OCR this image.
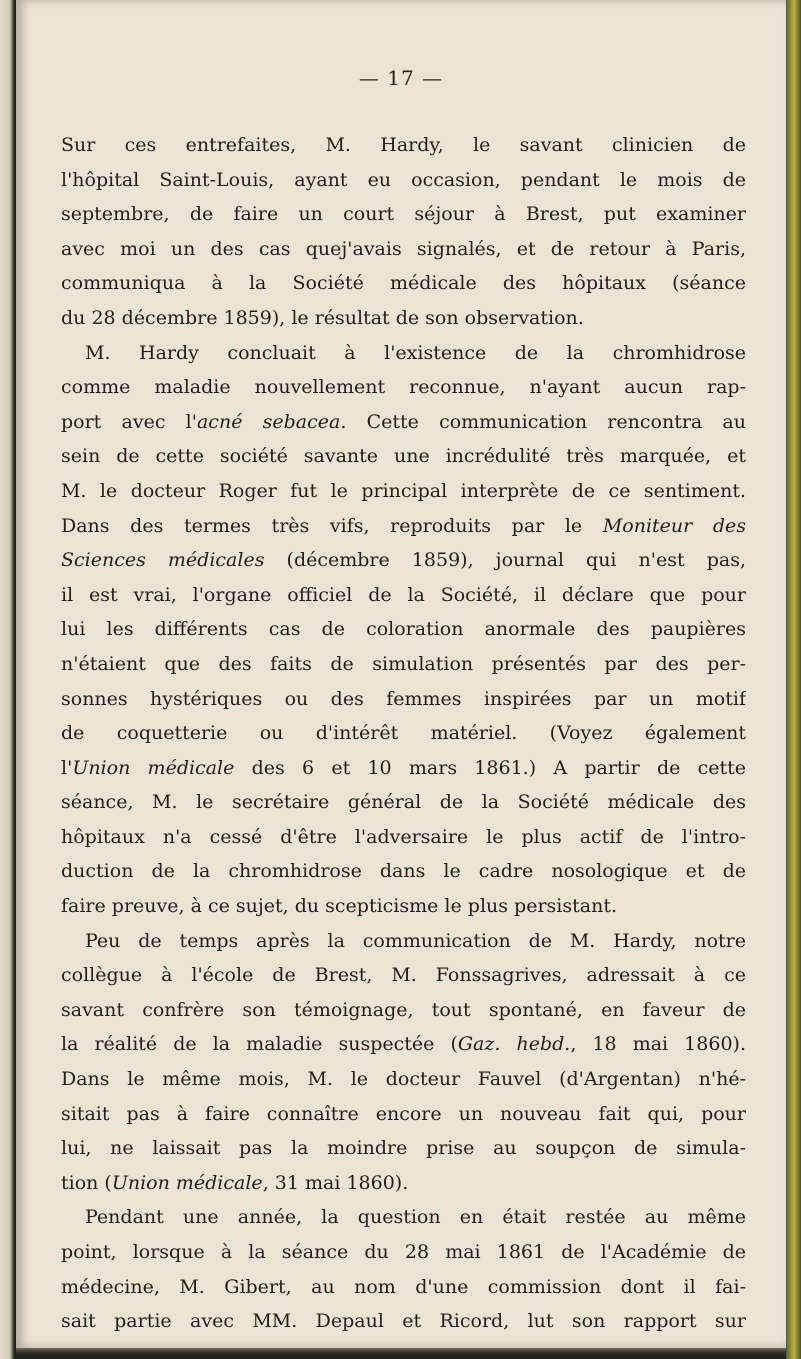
— 17 —
Sur ces entrefaites, M. Hardy, le savant clinicien de
l'hôpital Saint-Louis, ayant eu occasion, pendant le mois de
septembre, de faire un court séjour à Brest, put examiner
avec moi un des cas quej'avais signalés, et de retour à Paris,
communiqua à la Société médicale des hôpitaux (séance
du 28 décembre 1859), le résultat de son observation.
M. Hardy concluait à l'existence de la chromhidrose
comme maladie nouvellement reconnue, n'ayant aucun rap-
port avec l'acné sebacea. Cette communication rencontra au
sein de cette société savante une incrédulité très marquée, et
M. le docteur Roger fut le principal interprète de ce sentiment.
Dans des termes très vifs, reproduits par le Moniteur des
Sciences médicales (décembre 1859), journal qui n'est pas,
il est vrai, l'organe officiel de la Société, il déclare que pour
lui les différents cas de coloration anormale des paupières
n'étaient que des faits de simulation présentés par des per-
sonnes hystériques ou des femmes inspirées par un motif
de coquetterie ou d'intérêt matériel. (Voyez également
l'Union médicale des 6 et 10 mars 1861.) A partir de cette
séance, M. le secrétaire général de la Société médicale des
hôpitaux n'a cessé d'être l'adversaire le plus actif de l'intro-
duction de la chromhidrose dans le cadre nosologique et de
faire preuve, à ce sujet, du scepticisme le plus persistant.
Peu de temps après la communication de M. Hardy, notre
collègue à l'école de Brest, M. Fonssagrives, adressait à ce
savant confrère son témoignage, tout spontané, en faveur de
la réalité de la maladie suspectée (Gaz. hebd., 18 mai 1860).
Dans le même mois, M. le docteur Fauvel (d'Argentan) n'hé-
sitait pas à faire connaître encore un nouveau fait qui, pour
lui, ne laissait pas la moindre prise au soupçon de simula-
tion (Union médicale, 31 mai 1860).
Pendant une année, la question en était restée au même
point, lorsque à la séance du 28 mai 1861 de l'Académie de
médecine, M. Gibert, au nom d'une commission dont il fai-
sait partie avec MM. Depaul et Ricord, lut son rapport sur
